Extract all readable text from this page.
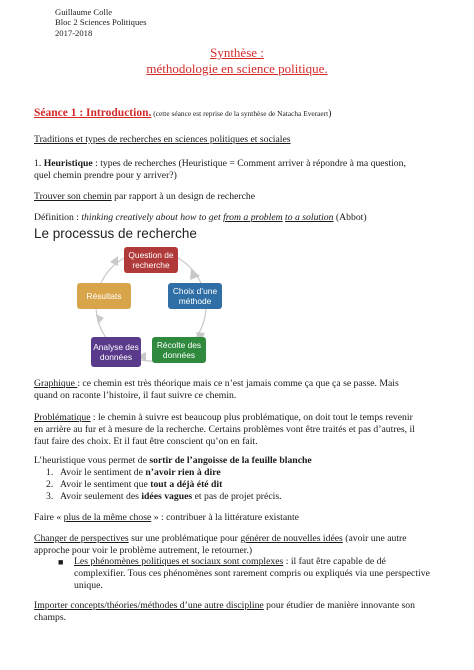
Guillaume Colle
Bloc 2 Sciences Politiques
2017-2018
Synthèse :
méthodologie en science politique.
Séance 1 : Introduction. (cette séance est reprise de la synthèse de Natacha Everaert)
Traditions et types de recherches en sciences politiques et sociales
1. Heuristique : types de recherches (Heuristique = Comment arriver à répondre à ma question,
quel chemin prendre pour y arriver?)
Trouver son chemin par rapport à un design de recherche
Définition : thinking creatively about how to get from a problem to a solution (Abbot)
Le processus de recherche
Question de recherche
Choix d’une méthode
Récolte des données
Analyse des données
Résultats
Graphique : ce chemin est très théorique mais ce n’est jamais comme ça que ça se passe. Mais
quand on raconte l’histoire, il faut suivre ce chemin.
Problématique : le chemin à suivre est beaucoup plus problématique, on doit tout le temps revenir
en arrière au fur et à mesure de la recherche. Certains problèmes vont être traités et pas d’autres, il
faut faire des choix. Et il faut être conscient qu’on en fait.
L’heuristique vous permet de sortir de l’angoisse de la feuille blanche
1. Avoir le sentiment de n’avoir rien à dire
2. Avoir le sentiment que tout a déjà été dit
3. Avoir seulement des idées vagues et pas de projet précis.
Faire « plus de la même chose » : contribuer à la littérature existante
Changer de perspectives sur une problématique pour générer de nouvelles idées (avoir une autre
approche pour voir le problème autrement, le retourner.)
■ Les phénomènes politiques et sociaux sont complexes : il faut être capable de dé
complexifier. Tous ces phénomènes sont rarement compris ou expliqués via une perspective
unique.
Importer concepts/théories/méthodes d’une autre discipline pour étudier de manière innovante son
champs.
